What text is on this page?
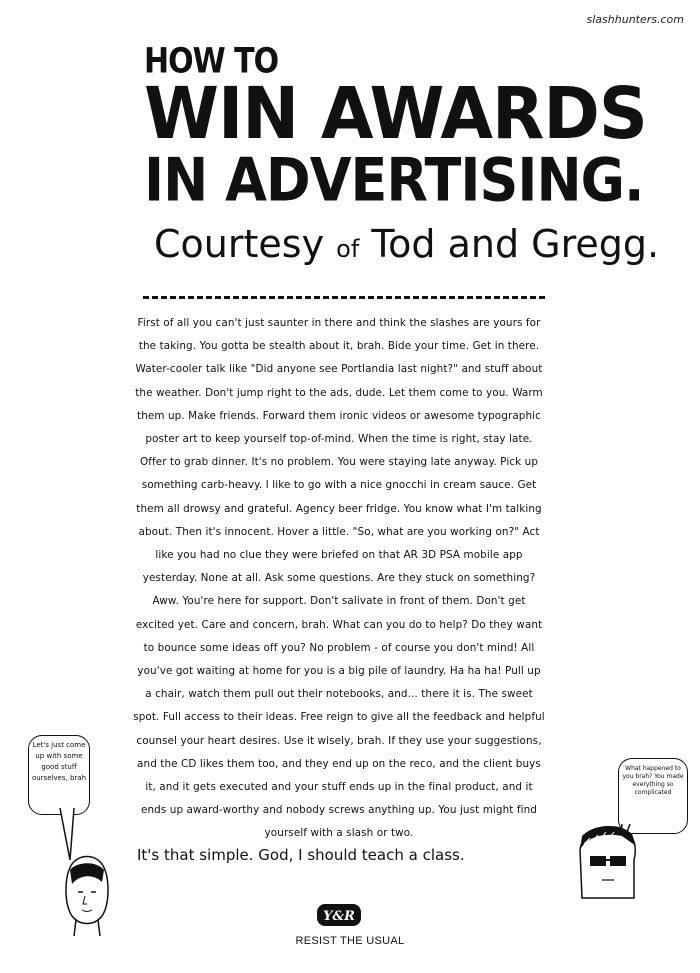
slashhunters.com
HOW TO
WIN AWARDS
IN ADVERTISING.
Courtesy of Tod and Gregg.

First of all you can't just saunter in there and think the slashes are yours for the taking. You gotta be stealth about it, brah. Bide your time. Get in there. Water-cooler talk like "Did anyone see Portlandia last night?" and stuff about the weather. Don't jump right to the ads, dude. Let them come to you. Warm them up. Make friends. Forward them ironic videos or awesome typographic poster art to keep yourself top-of-mind. When the time is right, stay late. Offer to grab dinner. It's no problem. You were staying late anyway. Pick up something carb-heavy. I like to go with a nice gnocchi in cream sauce. Get them all drowsy and grateful. Agency beer fridge. You know what I'm talking about. Then it's innocent. Hover a little. "So, what are you working on?" Act like you had no clue they were briefed on that AR 3D PSA mobile app yesterday. None at all. Ask some questions. Are they stuck on something? Aww. You're here for support. Don't salivate in front of them. Don't get excited yet. Care and concern, brah. What can you do to help? Do they want to bounce some ideas off you? No problem - of course you don't mind! All you've got waiting at home for you is a big pile of laundry. Ha ha ha! Pull up a chair, watch them pull out their notebooks, and... there it is. The sweet spot. Full access to their ideas. Free reign to give all the feedback and helpful counsel your heart desires. Use it wisely, brah. If they use your suggestions, and the CD likes them too, and they end up on the reco, and the client buys it, and it gets executed and your stuff ends up in the final product, and it ends up award-worthy and nobody screws anything up. You just might find yourself with a slash or two.

It's that simple. God, I should teach a class.
Let's just come up with some good stuff ourselves, brah
What happened to you brah? You made everything so complicated
Y&R
RESIST THE USUAL
